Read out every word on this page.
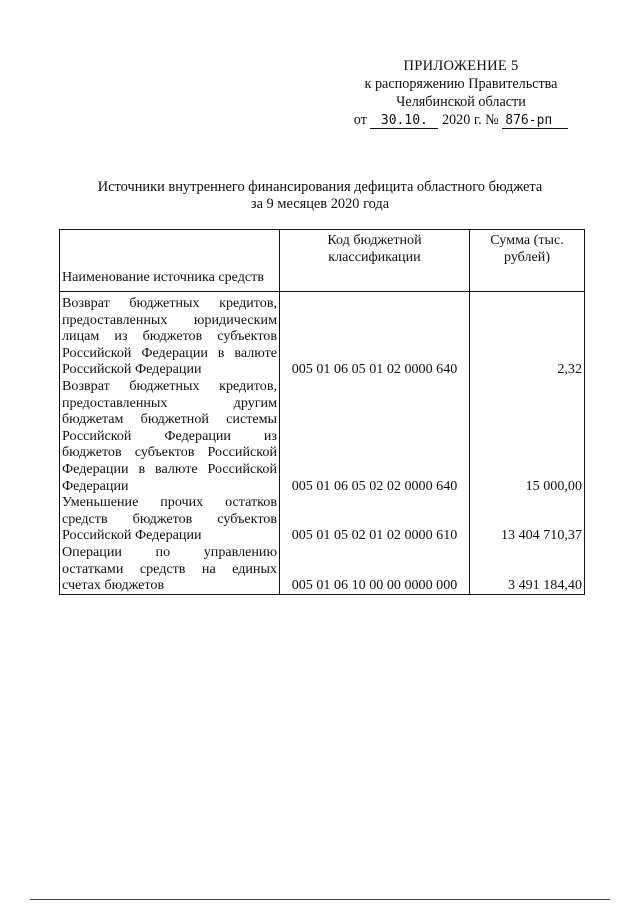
ПРИЛОЖЕНИЕ 5
к распоряжению Правительства
Челябинской области
от 30.10. 2020 г. № 876-рп
Источники внутреннего финансирования дефицита областного бюджета
за 9 месяцев 2020 года
Наименование источника средств	Код бюджетной классификации	Сумма (тыс. рублей)
Возврат бюджетных кредитов, предоставленных юридическим лицам из бюджетов субъектов Российской Федерации в валюте Российской Федерации	005 01 06 05 01 02 0000 640	2,32
Возврат бюджетных кредитов, предоставленных другим бюджетам бюджетной системы Российской Федерации из бюджетов субъектов Российской Федерации в валюте Российской Федерации	005 01 06 05 02 02 0000 640	15 000,00
Уменьшение прочих остатков средств бюджетов субъектов Российской Федерации	005 01 05 02 01 02 0000 610	13 404 710,37
Операции по управлению остатками средств на единых счетах бюджетов	005 01 06 10 00 00 0000 000	3 491 184,40
